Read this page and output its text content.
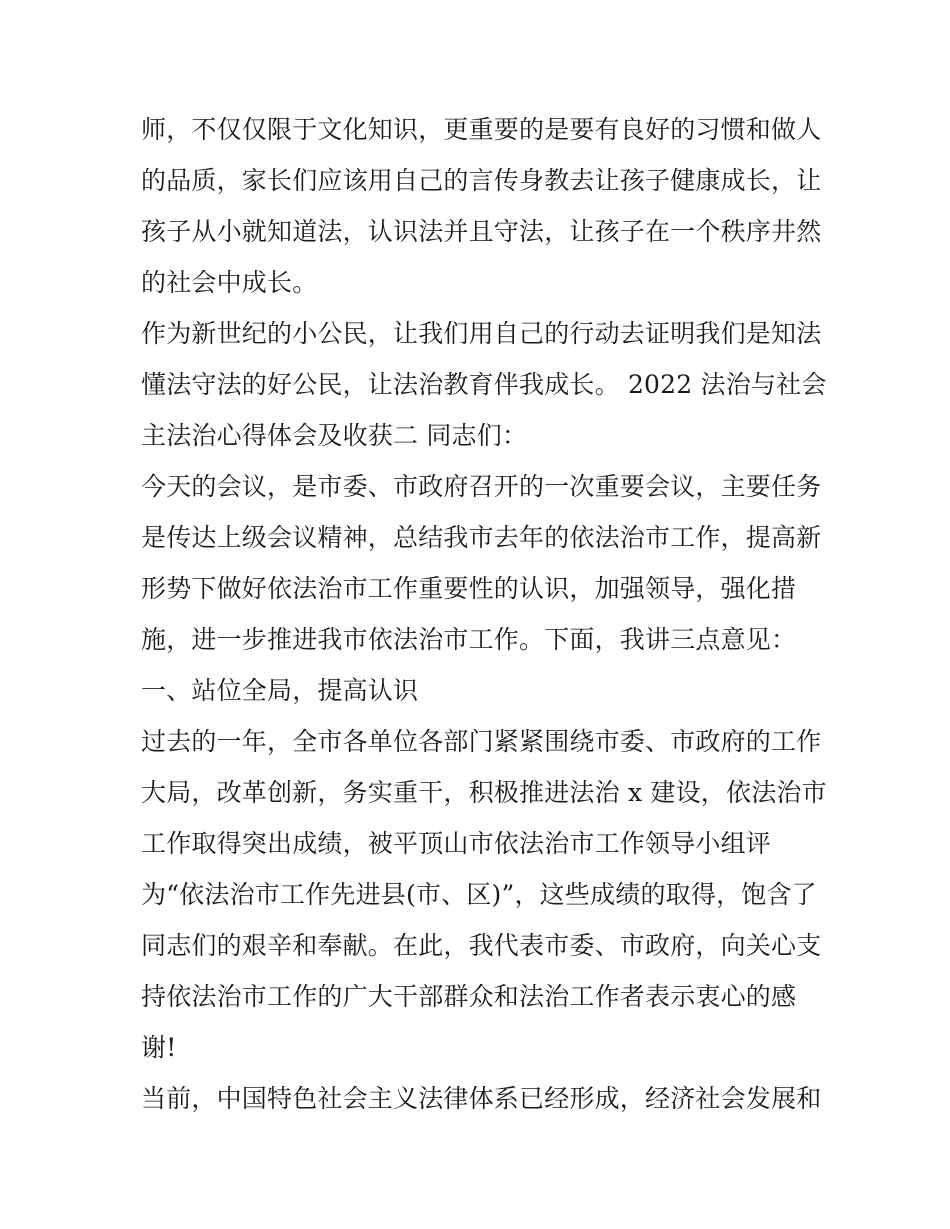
师，不仅仅限于文化知识，更重要的是要有良好的习惯和做人
的品质，家长们应该用自己的言传身教去让孩子健康成长，让
孩子从小就知道法，认识法并且守法，让孩子在一个秩序井然
的社会中成长。
作为新世纪的小公民，让我们用自己的行动去证明我们是知法
懂法守法的好公民，让法治教育伴我成长。 2022 法治与社会
主法治心得体会及收获二 同志们：
今天的会议，是市委、市政府召开的一次重要会议，主要任务
是传达上级会议精神，总结我市去年的依法治市工作，提高新
形势下做好依法治市工作重要性的认识，加强领导，强化措
施，进一步推进我市依法治市工作。下面，我讲三点意见：
一、站位全局，提高认识
过去的一年，全市各单位各部门紧紧围绕市委、市政府的工作
大局，改革创新，务实重干，积极推进法治 x 建设，依法治市
工作取得突出成绩，被平顶山市依法治市工作领导小组评
为“依法治市工作先进县(市、区)”，这些成绩的取得，饱含了
同志们的艰辛和奉献。在此，我代表市委、市政府，向关心支
持依法治市工作的广大干部群众和法治工作者表示衷心的感
谢!
当前，中国特色社会主义法律体系已经形成，经济社会发展和
